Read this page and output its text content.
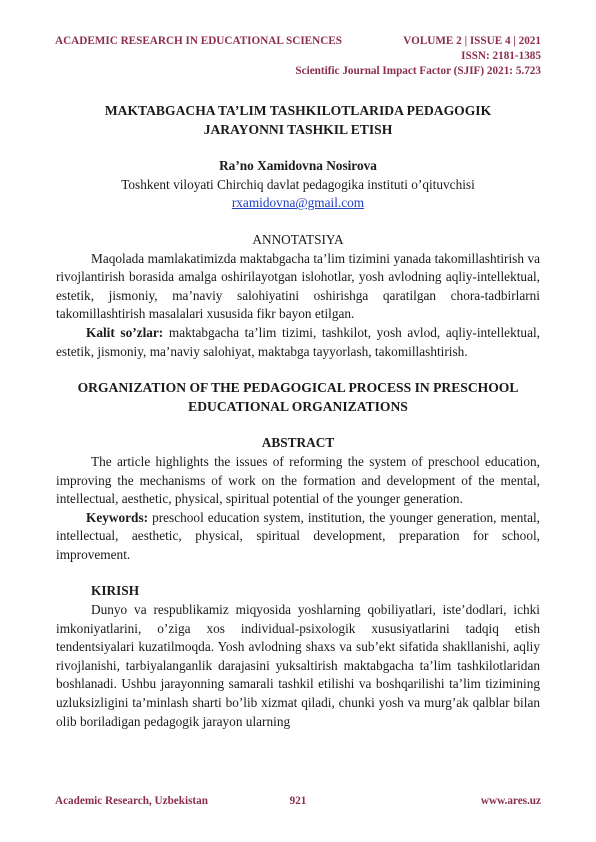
ACADEMIC RESEARCH IN EDUCATIONAL SCIENCES	VOLUME 2 | ISSUE 4 | 2021
ISSN: 2181-1385
Scientific Journal Impact Factor (SJIF) 2021: 5.723
MAKTABGACHA TA’LIM TASHKILOTLARIDA PEDAGOGIK
JARAYONNI TASHKIL ETISH
Ra’no Xamidovna Nosirova
Toshkent viloyati Chirchiq davlat pedagogika instituti o’qituvchisi
rxamidovna@gmail.com
ANNOTATSIYA
Maqolada mamlakatimizda maktabgacha ta’lim tizimini yanada takomillashtirish va rivojlantirish borasida amalga oshirilayotgan islohotlar, yosh avlodning aqliy-intellektual, estetik, jismoniy, ma’naviy salohiyatini oshirishga qaratilgan chora-tadbirlarni takomillashtirish masalalari xususida fikr bayon etilgan.
Kalit so’zlar: maktabgacha ta’lim tizimi, tashkilot, yosh avlod, aqliy-intellektual, estetik, jismoniy, ma’naviy salohiyat, maktabga tayyorlash, takomillashtirish.
ORGANIZATION OF THE PEDAGOGICAL PROCESS IN PRESCHOOL
EDUCATIONAL ORGANIZATIONS
ABSTRACT
The article highlights the issues of reforming the system of preschool education, improving the mechanisms of work on the formation and development of the mental, intellectual, aesthetic, physical, spiritual potential of the younger generation.
Keywords: preschool education system, institution, the younger generation, mental, intellectual, aesthetic, physical, spiritual development, preparation for school, improvement.
KIRISH
Dunyo va respublikamiz miqyosida yoshlarning qobiliyatlari, iste’dodlari, ichki imkoniyatlarini, o’ziga xos individual-psixologik xususiyatlarini tadqiq etish tendentsiyalari kuzatilmoqda. Yosh avlodning shaxs va sub’ekt sifatida shakllanishi, aqliy rivojlanishi, tarbiyalanganlik darajasini yuksaltirish maktabgacha ta’lim tashkilotlaridan boshlanadi. Ushbu jarayonning samarali tashkil etilishi va boshqarilishi ta’lim tizimining uzluksizligini ta’minlash sharti bo’lib xizmat qiladi, chunki yosh va murg’ak qalblar bilan olib boriladigan pedagogik jarayon ularning
Academic Research, Uzbekistan	921	www.ares.uz
